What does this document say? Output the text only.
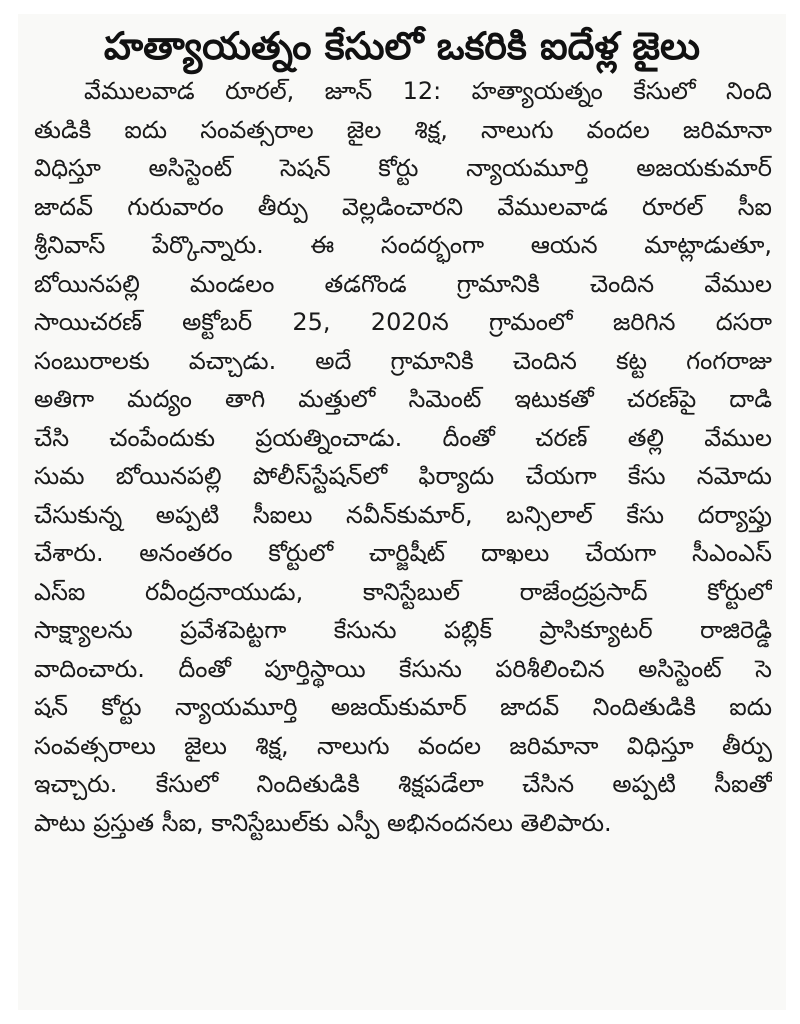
హత్యాయత్నం కేసులో ఒకరికి ఐదేళ్ల జైలు
వేములవాడ రూరల్‌, జూన్‌ 12: హత్యాయత్నం కేసులో నింది
తుడికి ఐదు సంవత్సరాల జైల శిక్ష, నాలుగు వందల జరిమానా
విధిస్తూ అసిస్టెంట్‌ సెషన్‌ కోర్టు న్యాయమూర్తి అజయకుమార్‌
జాదవ్‌ గురువారం తీర్పు వెల్లడించారని వేములవాడ రూరల్‌ సీఐ
శ్రీనివాస్‌ పేర్కొన్నారు. ఈ సందర్భంగా ఆయన మాట్లాడుతూ,
బోయినపల్లి మండలం తడగొండ గ్రామానికి చెందిన వేముల
సాయిచరణ్‌ అక్టోబర్‌ 25, 2020న గ్రామంలో జరిగిన దసరా
సంబురాలకు వచ్చాడు. అదే గ్రామానికి చెందిన కట్ట గంగరాజు
అతిగా మద్యం తాగి మత్తులో సిమెంట్‌ ఇటుకతో చరణ్‌పై దాడి
చేసి చంపేందుకు ప్రయత్నించాడు. దీంతో చరణ్‌ తల్లి వేముల
సుమ బోయినపల్లి పోలీస్‌స్టేషన్‌లో ఫిర్యాదు చేయగా కేసు నమోదు
చేసుకున్న అప్పటి సీఐలు నవీన్‌కుమార్‌, బన్సిలాల్‌ కేసు దర్యాప్తు
చేశారు. అనంతరం కోర్టులో చార్జిషీట్‌ దాఖలు చేయగా సీఎంఎస్‌
ఎస్‌ఐ రవీంద్రనాయుడు, కానిస్టేబుల్‌ రాజేంద్రప్రసాద్‌ కోర్టులో
సాక్ష్యాలను ప్రవేశపెట్టగా కేసును పబ్లిక్‌ ప్రాసిక్యూటర్‌ రాజిరెడ్డి
వాదించారు. దీంతో పూర్తిస్థాయి కేసును పరిశీలించిన అసిస్టెంట్‌ సె
షన్‌ కోర్టు న్యాయమూర్తి అజయ్‌కుమార్‌ జాదవ్‌ నిందితుడికి ఐదు
సంవత్సరాలు జైలు శిక్ష, నాలుగు వందల జరిమానా విధిస్తూ తీర్పు
ఇచ్చారు. కేసులో నిందితుడికి శిక్షపడేలా చేసిన అప్పటి సీఐతో
పాటు ప్రస్తుత సీఐ, కానిస్టేబుల్‌కు ఎస్పీ అభినందనలు తెలిపారు.
